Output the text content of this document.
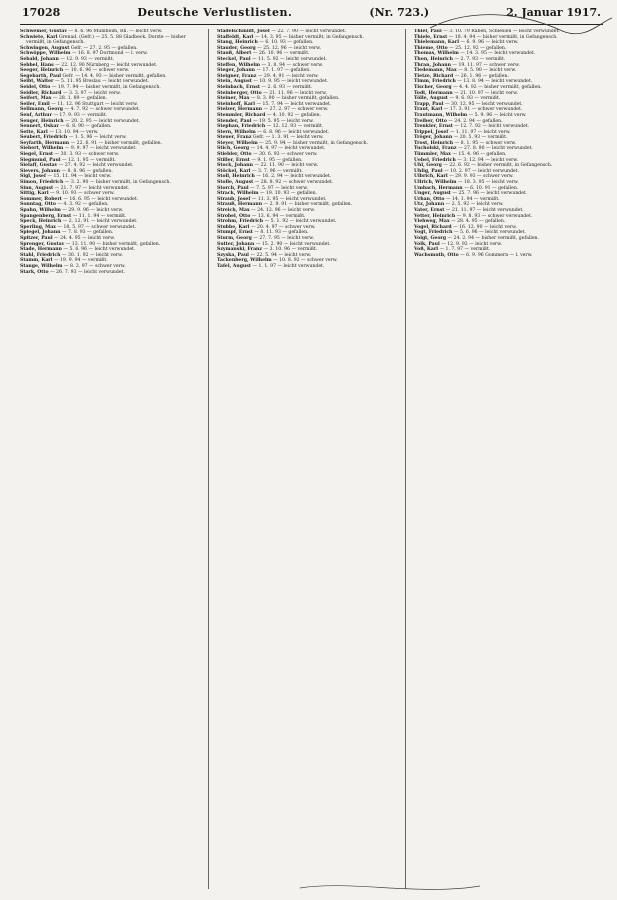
17028	Deutsche Verlustlisten.	(Nr. 723.)	2. Januar 1917.

Schwemer, Gustav — 8. 6. 96 Mühlheim, Rh. — leicht verw.

Schwiete, Karl Grenad. (Gefr.) — 25. 5. 88 Gladbeck. Dorste — bisher vermißt, in Gefangensch.

Schwingen, August Gefr. — 27. 2. 95 — gefallen.

Schwöppe, Wilhelm — 16. 8. 97 Dortmund — l. verw.

Sebald, Johann — 12. 9. 93 — vermißt.

Sebbel, Hans — 22. 12. 90 Nürnberg — leicht verwundet.

Seeger, Heinrich — 10. 6. 96 — schwer verw.

Segebarth, Paul Gefr. — 14. 4. 93 — bisher vermißt, gefallen.

Seibt, Walter — 5. 11. 95 Breslau — leicht verwundet.

Seidel, Otto — 19. 7. 94 — bisher vermißt, in Gefangensch.

Seidler, Richard — 3. 3. 97 — leicht verw.

Seifert, Max — 28. 1. 89 — gefallen.

Seiler, Emil — 11. 12. 96 Stuttgart — leicht verw.

Sellmann, Georg — 4. 7. 92 — schwer verwundet.

Senf, Arthur — 17. 9. 93 — vermißt.

Senger, Heinrich — 20. 2. 95 — leicht verwundet.

Sennert, Oskar — 6. 8. 90 — gefallen.

Sette, Karl — 13. 10. 94 — verw.

Seubert, Friedrich — 1. 5. 96 — leicht verw.

Seyfarth, Hermann — 22. 6. 91 — bisher vermißt, gefallen.

Siebert, Wilhelm — 9. 9. 97 — leicht verwundet.

Siegel, Ernst — 30. 3. 93 — schwer verw.

Siegmund, Paul — 12. 1. 95 — vermißt.

Sielaff, Gustav — 27. 4. 92 — leicht verwundet.

Sievers, Johann — 8. 8. 96 — gefallen.

Sigl, Josef — 15. 11. 94 — leicht verw.

Simon, Friedrich — 3. 2. 90 — bisher vermißt, in Gefangensch.

Sinn, August — 21. 7. 97 — leicht verwundet.

Sittig, Karl — 9. 10. 93 — schwer verw.

Sommer, Robert — 16. 6. 95 — leicht verwundet.

Sonntag, Otto — 4. 3. 92 — gefallen.

Spahn, Wilhelm — 29. 9. 96 — leicht verw.

Spangenberg, Ernst — 11. 1. 94 — vermißt.

Speck, Heinrich — 2. 12. 91 — leicht verwundet.

Sperling, Max — 18. 5. 97 — schwer verwundet.

Spiegel, Johann — 7. 8. 93 — gefallen.

Spitzer, Paul — 24. 4. 95 — leicht verw.

Sprenger, Gustav — 13. 11. 90 — bisher vermißt, gefallen.

Stade, Hermann — 5. 6. 96 — leicht verwundet.

Stahl, Friedrich — 30. 1. 92 — leicht verw.

Stamm, Karl — 19. 9. 94 — vermißt.

Stange, Wilhelm — 8. 2. 97 — schwer verw.

Stark, Otto — 26. 7. 93 — leicht verwundet.

Stadelschmidt, Josef — 22. 7. 90 — leicht verwundet.

Staffeldt, Karl — 14. 3. 95 — bisher vermißt, in Gefangensch.

Stang, Heinrich — 6. 10. 93 — gefallen.

Stauder, Georg — 25. 12. 96 — leicht verw.

Stauß, Albert — 26. 10. 96 — vermißt.

Steckel, Paul — 11. 5. 92 — leicht verwundet.

Steffen, Wilhelm — 3. 8. 94 — schwer verw.

Steger, Johann — 17. 1. 97 — gefallen.

Steigner, Franz — 29. 4. 91 — leicht verw.

Stein, August — 10. 9. 95 — leicht verwundet.

Steinbach, Ernst — 2. 6. 93 — vermißt.

Steinberger, Otto — 21. 11. 96 — leicht verw.

Steiner, Max — 8. 3. 90 — bisher vermißt, gefallen.

Steinhoff, Karl — 15. 7. 94 — leicht verwundet.

Stelzer, Hermann — 27. 2. 97 — schwer verw.

Stemmler, Richard — 4. 10. 92 — gefallen.

Stender, Paul — 19. 5. 95 — leicht verw.

Stephan, Friedrich — 12. 12. 93 — vermißt.

Stern, Wilhelm — 6. 8. 96 — leicht verwundet.

Steuer, Franz Gefr. — 1. 3. 91 — leicht verw.

Steyer, Wilhelm — 25. 9. 94 — bisher vermißt, in Gefangensch.

Stich, Georg — 14. 4. 97 — leicht verwundet.

Stiebler, Otto — 30. 6. 93 — schwer verw.

Stiller, Ernst — 9. 1. 95 — gefallen.

Stock, Johann — 22. 11. 90 — leicht verw.

Stöckel, Karl — 3. 7. 96 — vermißt.

Stoll, Heinrich — 16. 2. 94 — leicht verwundet.

Stolle, August — 28. 8. 92 — schwer verwundet.

Storch, Paul — 7. 5. 97 — leicht verw.

Strack, Wilhelm — 19. 10. 93 — gefallen.

Straub, Josef — 11. 3. 95 — leicht verwundet.

Strauß, Hermann — 2. 9. 91 — bisher vermißt, gefallen.

Streich, Max — 24. 12. 96 — leicht verw.

Strobel, Otto — 13. 6. 94 — vermißt.

Strohm, Friedrich — 5. 1. 92 — leicht verwundet.

Stubbe, Karl — 20. 4. 97 — schwer verw.

Stumpf, Ernst — 8. 11. 93 — gefallen.

Sturm, Georg — 27. 7. 95 — leicht verw.

Sutter, Johann — 15. 2. 90 — leicht verwundet.

Szymanski, Franz — 3. 10. 96 — vermißt.

Szyska, Paul — 22. 5. 94 — leicht verw.

Tackenberg, Wilhelm — 10. 8. 92 — schwer verw.

Tafel, August — 1. 1. 97 — leicht verwundet.

Thiel, Paul — 3. 10. 79 Raben, Schlesien — leicht verwundet.

Thiele, Ernst — 18. 4. 94 — bisher vermißt, in Gefangensch.

Thielemann, Karl — 6. 9. 96 — leicht verw.

Thieme, Otto — 25. 12. 92 — gefallen.

Thomas, Wilhelm — 14. 3. 95 — leicht verwundet.

Thon, Heinrich — 2. 7. 93 — vermißt.

Thran, Johann — 19. 11. 97 — schwer verw.

Tiedemann, Max — 8. 5. 90 — leicht verw.

Tietze, Richard — 26. 1. 96 — gefallen.

Timm, Friedrich — 13. 8. 94 — leicht verwundet.

Tischer, Georg — 4. 4. 92 — bisher vermißt, gefallen.

Todt, Hermann — 21. 10. 97 — leicht verw.

Tölle, August — 9. 6. 93 — vermißt.

Trapp, Paul — 30. 12. 95 — leicht verwundet.

Traut, Karl — 17. 3. 91 — schwer verwundet.

Trautmann, Wilhelm — 5. 9. 96 — leicht verw.

Treiber, Otto — 24. 2. 94 — gefallen.

Trenkler, Ernst — 12. 7. 92 — leicht verwundet.

Trippel, Josef — 1. 11. 97 — leicht verw.

Tröger, Johann — 20. 5. 93 — vermißt.

Trost, Heinrich — 8. 1. 95 — schwer verw.

Tucholski, Franz — 27. 8. 90 — leicht verwundet.

Tümmler, Max — 15. 4. 96 — gefallen.

Uebel, Friedrich — 3. 12. 94 — leicht verw.

Uhl, Georg — 22. 6. 92 — bisher vermißt, in Gefangensch.

Uhlig, Paul — 10. 2. 97 — leicht verwundet.

Ulbrich, Karl — 29. 9. 93 — schwer verw.

Ullrich, Wilhelm — 18. 3. 95 — leicht verw.

Umbach, Hermann — 6. 10. 91 — gefallen.

Unger, August — 25. 7. 96 — leicht verwundet.

Urban, Otto — 14. 1. 94 — vermißt.

Utz, Johann — 2. 5. 92 — leicht verw.

Vater, Ernst — 21. 11. 97 — leicht verwundet.

Vetter, Heinrich — 9. 8. 93 — schwer verwundet.

Viehweg, Max — 28. 4. 95 — gefallen.

Vogel, Richard — 16. 12. 90 — leicht verw.

Vogt, Friedrich — 5. 6. 96 — leicht verwundet.

Voigt, Georg — 24. 2. 94 — bisher vermißt, gefallen.

Volk, Paul — 12. 9. 92 — leicht verw.

Voß, Karl — 1. 7. 97 — vermißt.

Wachsmuth, Otto — 6. 9. 96 Gommern — l. verw.
